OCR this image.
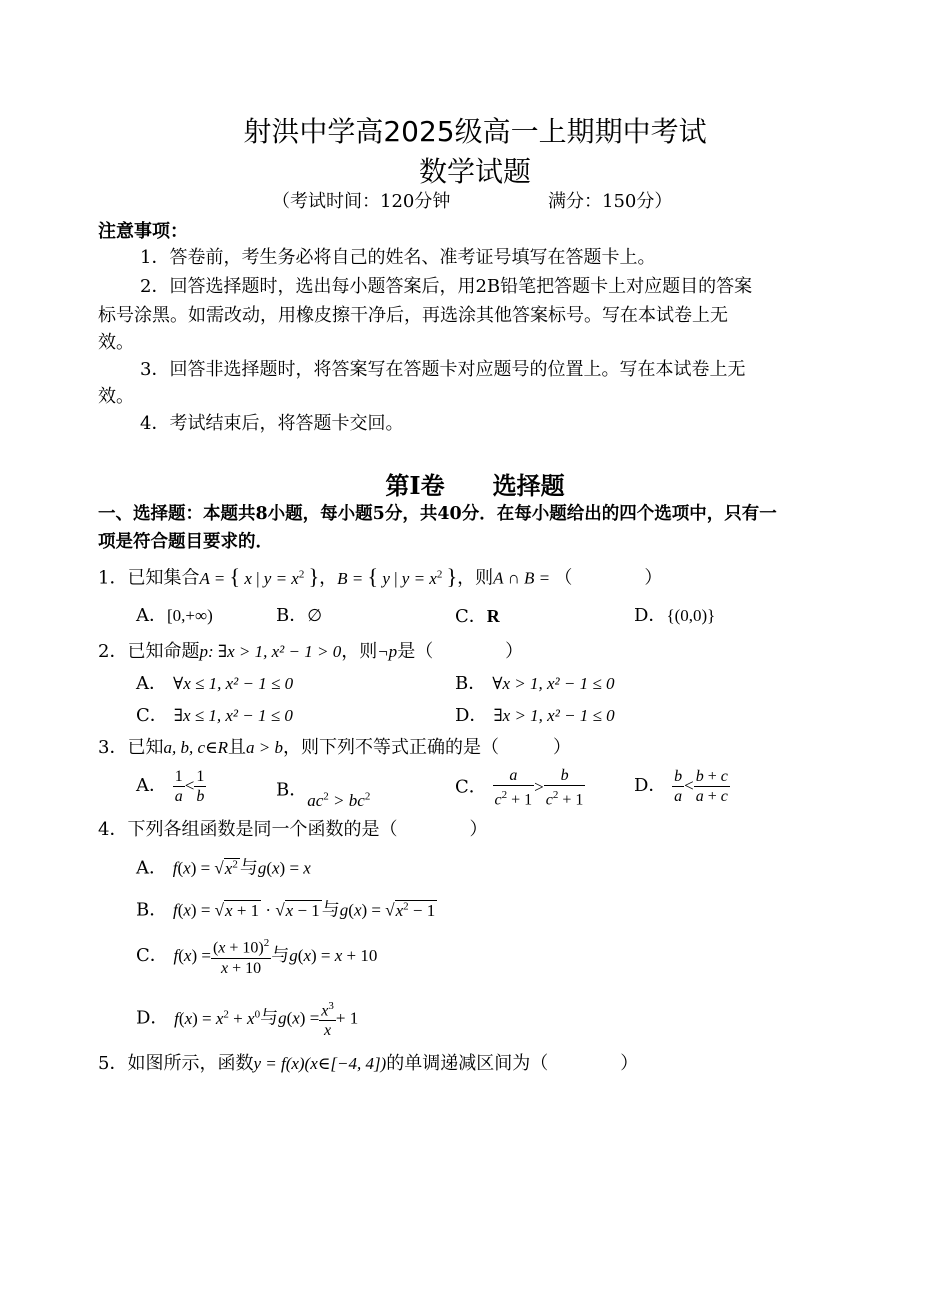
射洪中学高2025级高一上期期中考试
数学试题
（考试时间：120分钟	满分：150分）
注意事项：
1．答卷前，考生务必将自己的姓名、准考证号填写在答题卡上。
2．回答选择题时，选出每小题答案后，用2B铅笔把答题卡上对应题目的答案
标号涂黑。如需改动，用橡皮擦干净后，再选涂其他答案标号。写在本试卷上无
效。
3．回答非选择题时，将答案写在答题卡对应题号的位置上。写在本试卷上无
效。
4．考试结束后，将答题卡交回。
第Ⅰ卷　　选择题
一、选择题：本题共8小题，每小题5分，共40分．在每小题给出的四个选项中，只有一
项是符合题目要求的．
1．已知集合A = { x | $y = x^2$ }，B = { y | $y = x^2$ }，则A ∩ B = （　　　　）
A．[0,+∞)	B．∅	C．R	D．{(0,0)}
2．已知命题p: ∃x > 1, x² − 1 > 0，则¬p是（　　　　）
A． ∀x ≤ 1, x² − 1 ≤ 0	B． ∀x > 1, x² − 1 ≤ 0
C． ∃x ≤ 1, x² − 1 ≤ 0	D． ∃x > 1, x² − 1 ≤ 0
3．已知a, b, c∈R且a > b，则下列不等式正确的是（　　　）
A． $\frac{1}{a} < \frac{1}{b}$	B．$ac^2 > bc^2$	C． $\frac{a}{c^2 + 1} > \frac{b}{c^2 + 1}$	D． $\frac{b}{a} < \frac{b + c}{a + c}$
4．下列各组函数是同一个函数的是（　　　　）
A． $f(x) = √x^2$ 与g(x) = x
B． f(x) = √x + 1 · √x − 1 与$g(x) = √x^2 - 1$
C． $f(x) = \frac{(x + 10)^2}{x + 10}$ 与g(x) = x + 10
D． $f(x) = x^2 + x^0$与$g(x) = \frac{x^3}{x} + 1$
5．如图所示，函数y = f(x)(x∈[−4, 4])的单调递减区间为（　　　　）
